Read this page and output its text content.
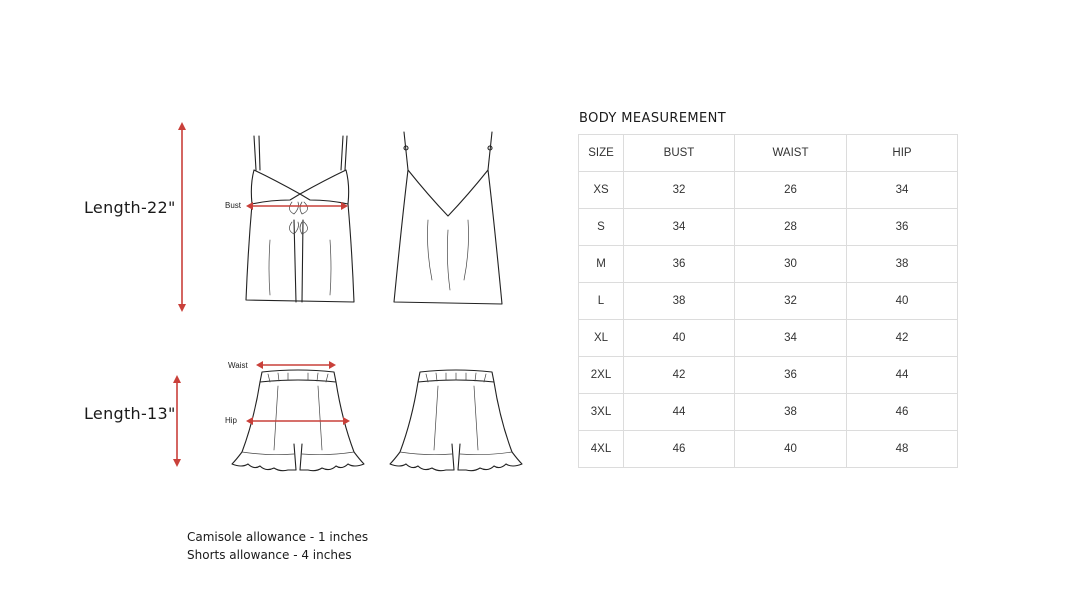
Length-22"
Length-13"
Bust
Waist
Hip
Camisole allowance - 1 inches
Shorts allowance - 4 inches
BODY MEASUREMENT
SIZE	BUST	WAIST	HIP
XS	32	26	34
S	34	28	36
M	36	30	38
L	38	32	40
XL	40	34	42
2XL	42	36	44
3XL	44	38	46
4XL	46	40	48
